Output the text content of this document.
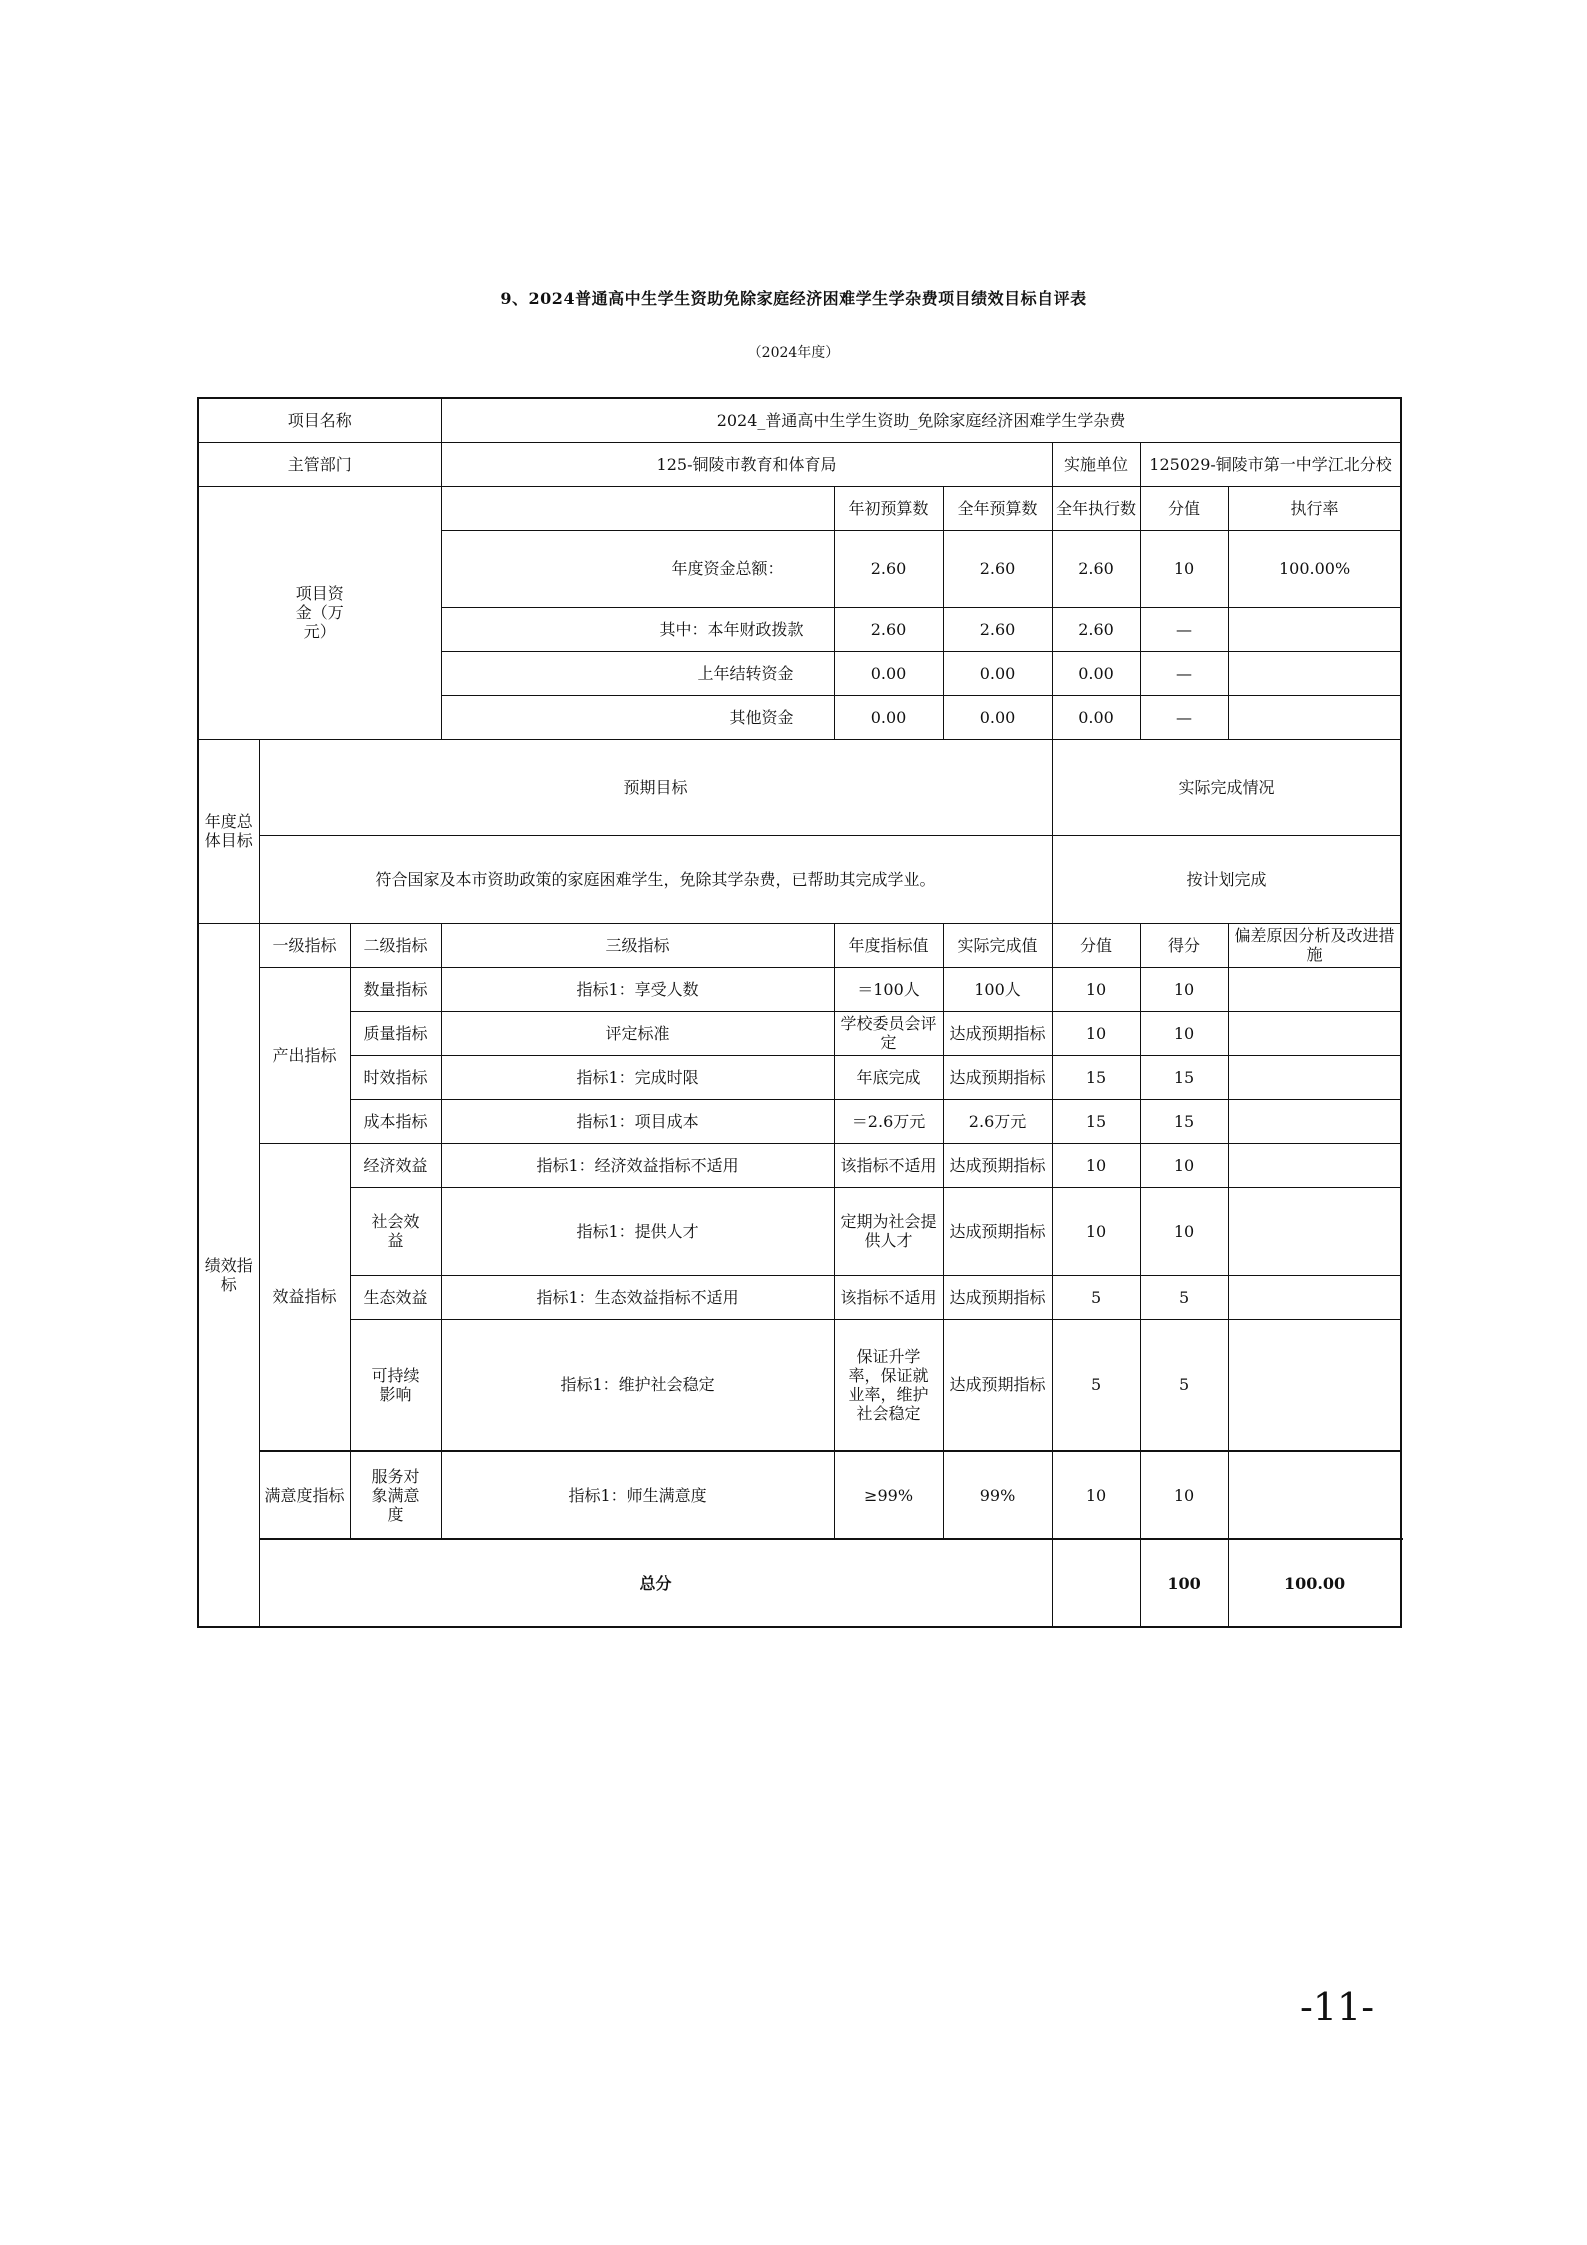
9、2024普通高中生学生资助免除家庭经济困难学生学杂费项目绩效目标自评表
（2024年度）
项目名称			2024_普通高中生学生资助_免除家庭经济困难学生学杂费						
主管部门			125-铜陵市教育和体育局			实施单位	125029-铜陵市第一中学江北分校		
项目资金（万元）				年初预算数	全年预算数	全年执行数	分值	执行率	
			年度资金总额：	2.60	2.60	2.60	10	100.00%	
			其中：本年财政拨款	2.60	2.60	2.60	—		
			上年结转资金	0.00	0.00	0.00	—		
			其他资金	0.00	0.00	0.00	—		
年度总体目标	预期目标					实际完成情况			
	符合国家及本市资助政策的家庭困难学生，免除其学杂费，已帮助其完成学业。					按计划完成			
绩效指标	一级指标	二级指标	三级指标	年度指标值	实际完成值	分值	得分	偏差原因分析及改进措施	
	产出指标	数量指标	指标1：享受人数	＝100人	100人	10	10		
		质量指标	评定标准	学校委员会评定	达成预期指标	10	10		
		时效指标	指标1：完成时限	年底完成	达成预期指标	15	15		
		成本指标	指标1：项目成本	＝2.6万元	2.6万元	15	15		
	效益指标	经济效益	指标1：经济效益指标不适用	该指标不适用	达成预期指标	10	10		
		社会效益	指标1：提供人才	定期为社会提供人才	达成预期指标	10	10		
		生态效益	指标1：生态效益指标不适用	该指标不适用	达成预期指标	5	5		
		可持续影响	指标1：维护社会稳定	保证升学率，保证就业率，维护社会稳定	达成预期指标	5	5		
	满意度指标	服务对象满意度	指标1：师生满意度	≥99%	99%	10	10		
	总分						100	100.00	
-11-
